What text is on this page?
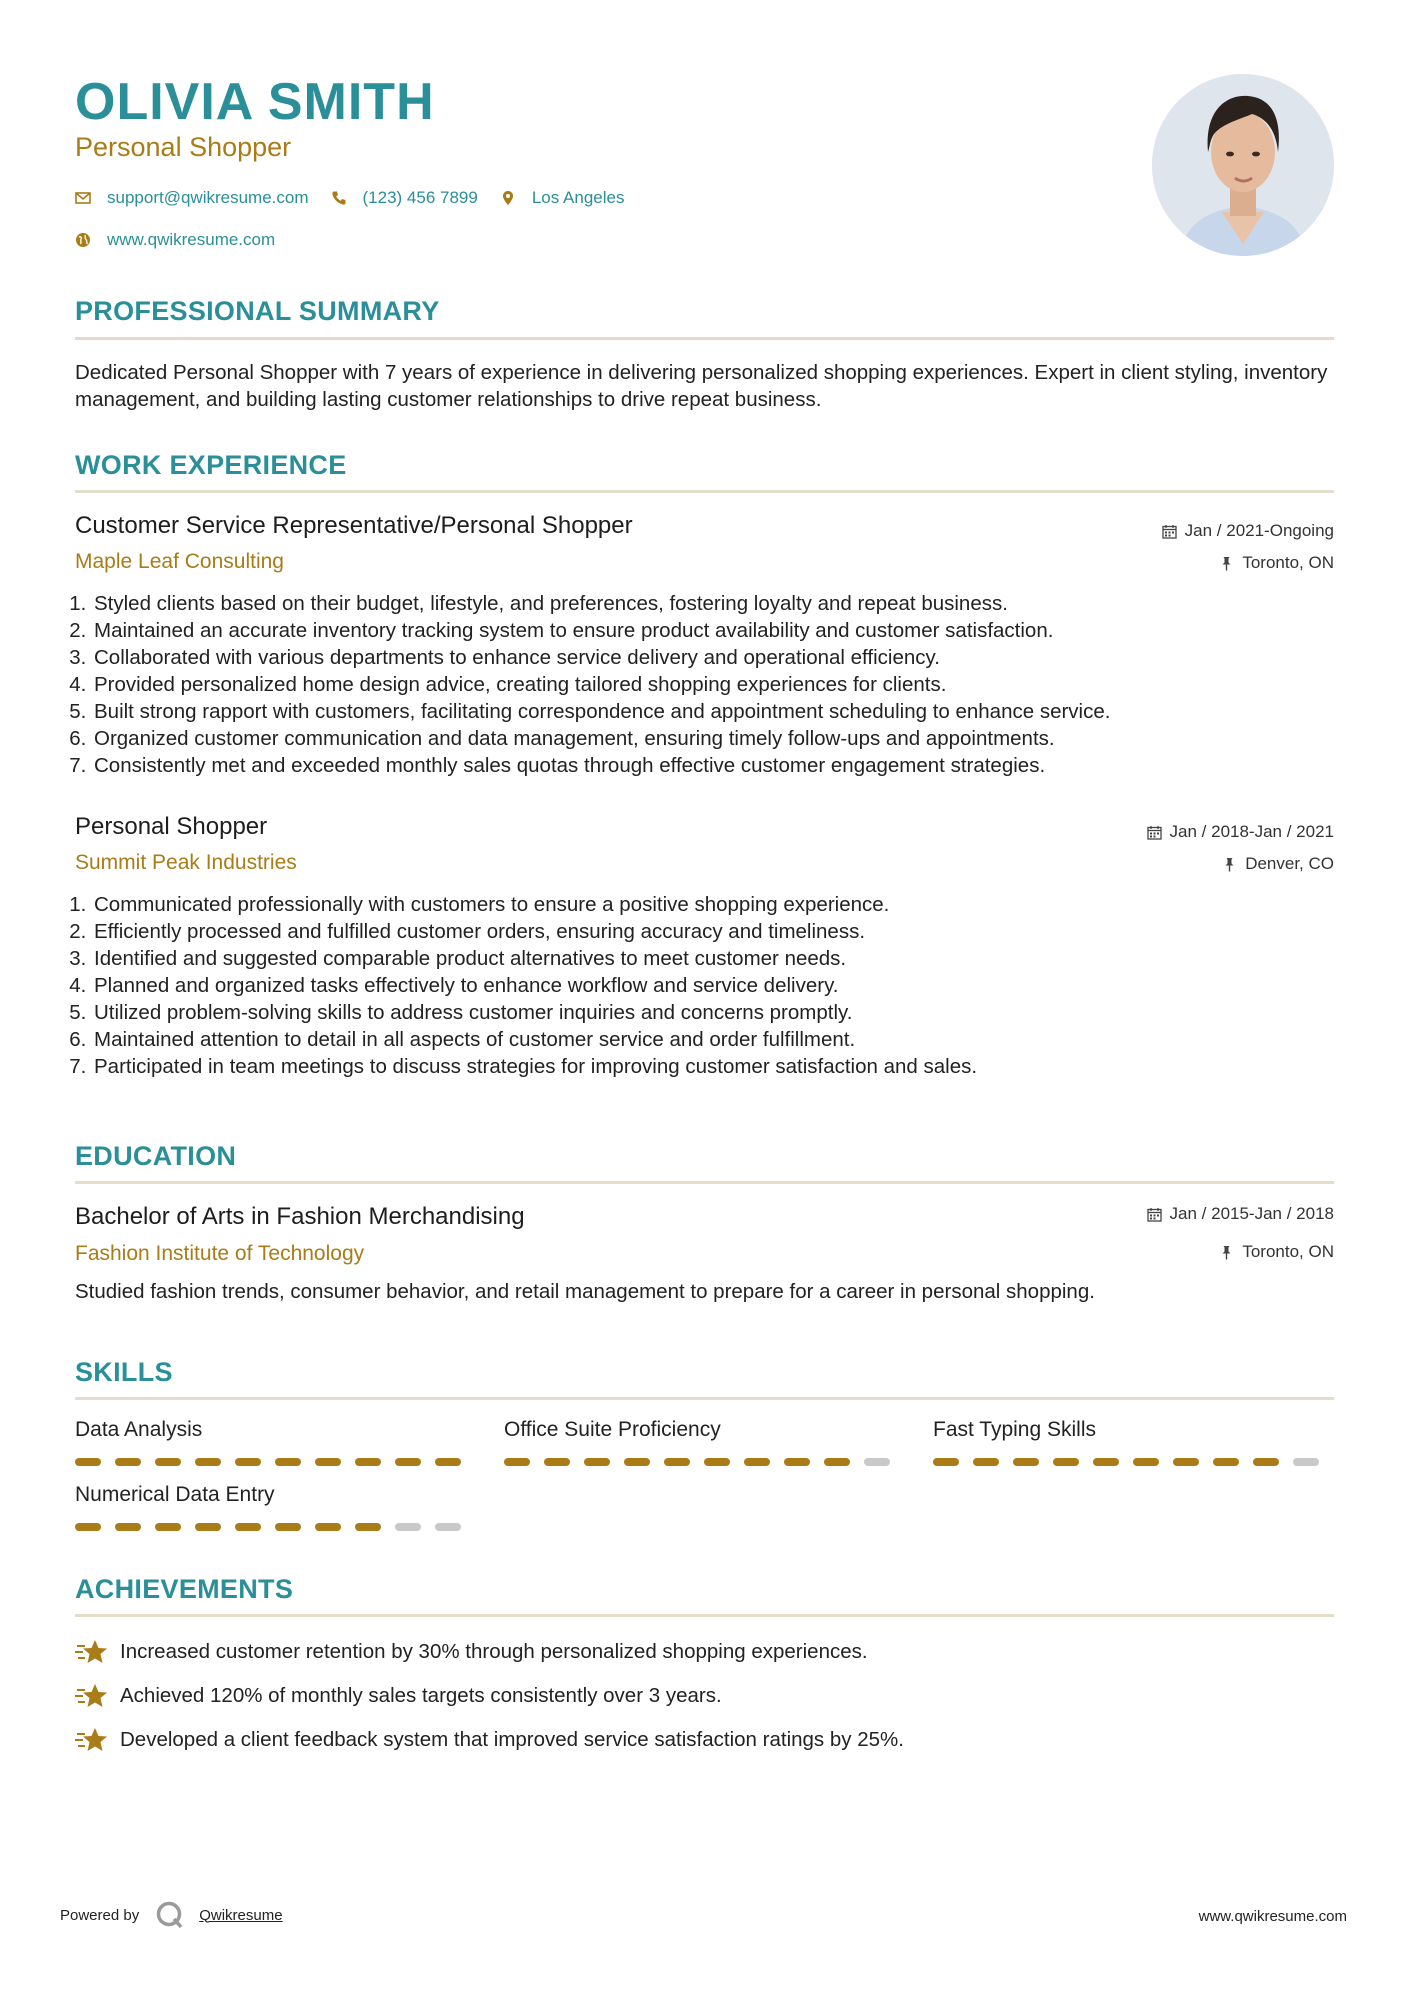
OLIVIA SMITH
Personal Shopper
support@qwikresume.com	(123) 456 7899	Los Angeles
www.qwikresume.com
PROFESSIONAL SUMMARY

Dedicated Personal Shopper with 7 years of experience in delivering personalized shopping experiences. Expert in client styling, inventory management, and building lasting customer relationships to drive repeat business.

WORK EXPERIENCE
Customer Service Representative/Personal Shopper	Jan / 2021-Ongoing
Maple Leaf Consulting	Toronto, ON
1. Styled clients based on their budget, lifestyle, and preferences, fostering loyalty and repeat business.
2. Maintained an accurate inventory tracking system to ensure product availability and customer satisfaction.
3. Collaborated with various departments to enhance service delivery and operational efficiency.
4. Provided personalized home design advice, creating tailored shopping experiences for clients.
5. Built strong rapport with customers, facilitating correspondence and appointment scheduling to enhance service.
6. Organized customer communication and data management, ensuring timely follow-ups and appointments.
7. Consistently met and exceeded monthly sales quotas through effective customer engagement strategies.
Personal Shopper	Jan / 2018-Jan / 2021
Summit Peak Industries	Denver, CO
1. Communicated professionally with customers to ensure a positive shopping experience.
2. Efficiently processed and fulfilled customer orders, ensuring accuracy and timeliness.
3. Identified and suggested comparable product alternatives to meet customer needs.
4. Planned and organized tasks effectively to enhance workflow and service delivery.
5. Utilized problem-solving skills to address customer inquiries and concerns promptly.
6. Maintained attention to detail in all aspects of customer service and order fulfillment.
7. Participated in team meetings to discuss strategies for improving customer satisfaction and sales.
EDUCATION
Bachelor of Arts in Fashion Merchandising	Jan / 2015-Jan / 2018
Fashion Institute of Technology	Toronto, ON

Studied fashion trends, consumer behavior, and retail management to prepare for a career in personal shopping.

SKILLS
Data Analysis	Office Suite Proficiency	Fast Typing Skills
Numerical Data Entry
ACHIEVEMENTS
Increased customer retention by 30% through personalized shopping experiences.
Achieved 120% of monthly sales targets consistently over 3 years.
Developed a client feedback system that improved service satisfaction ratings by 25%.
Powered by	Qwikresume	www.qwikresume.com
